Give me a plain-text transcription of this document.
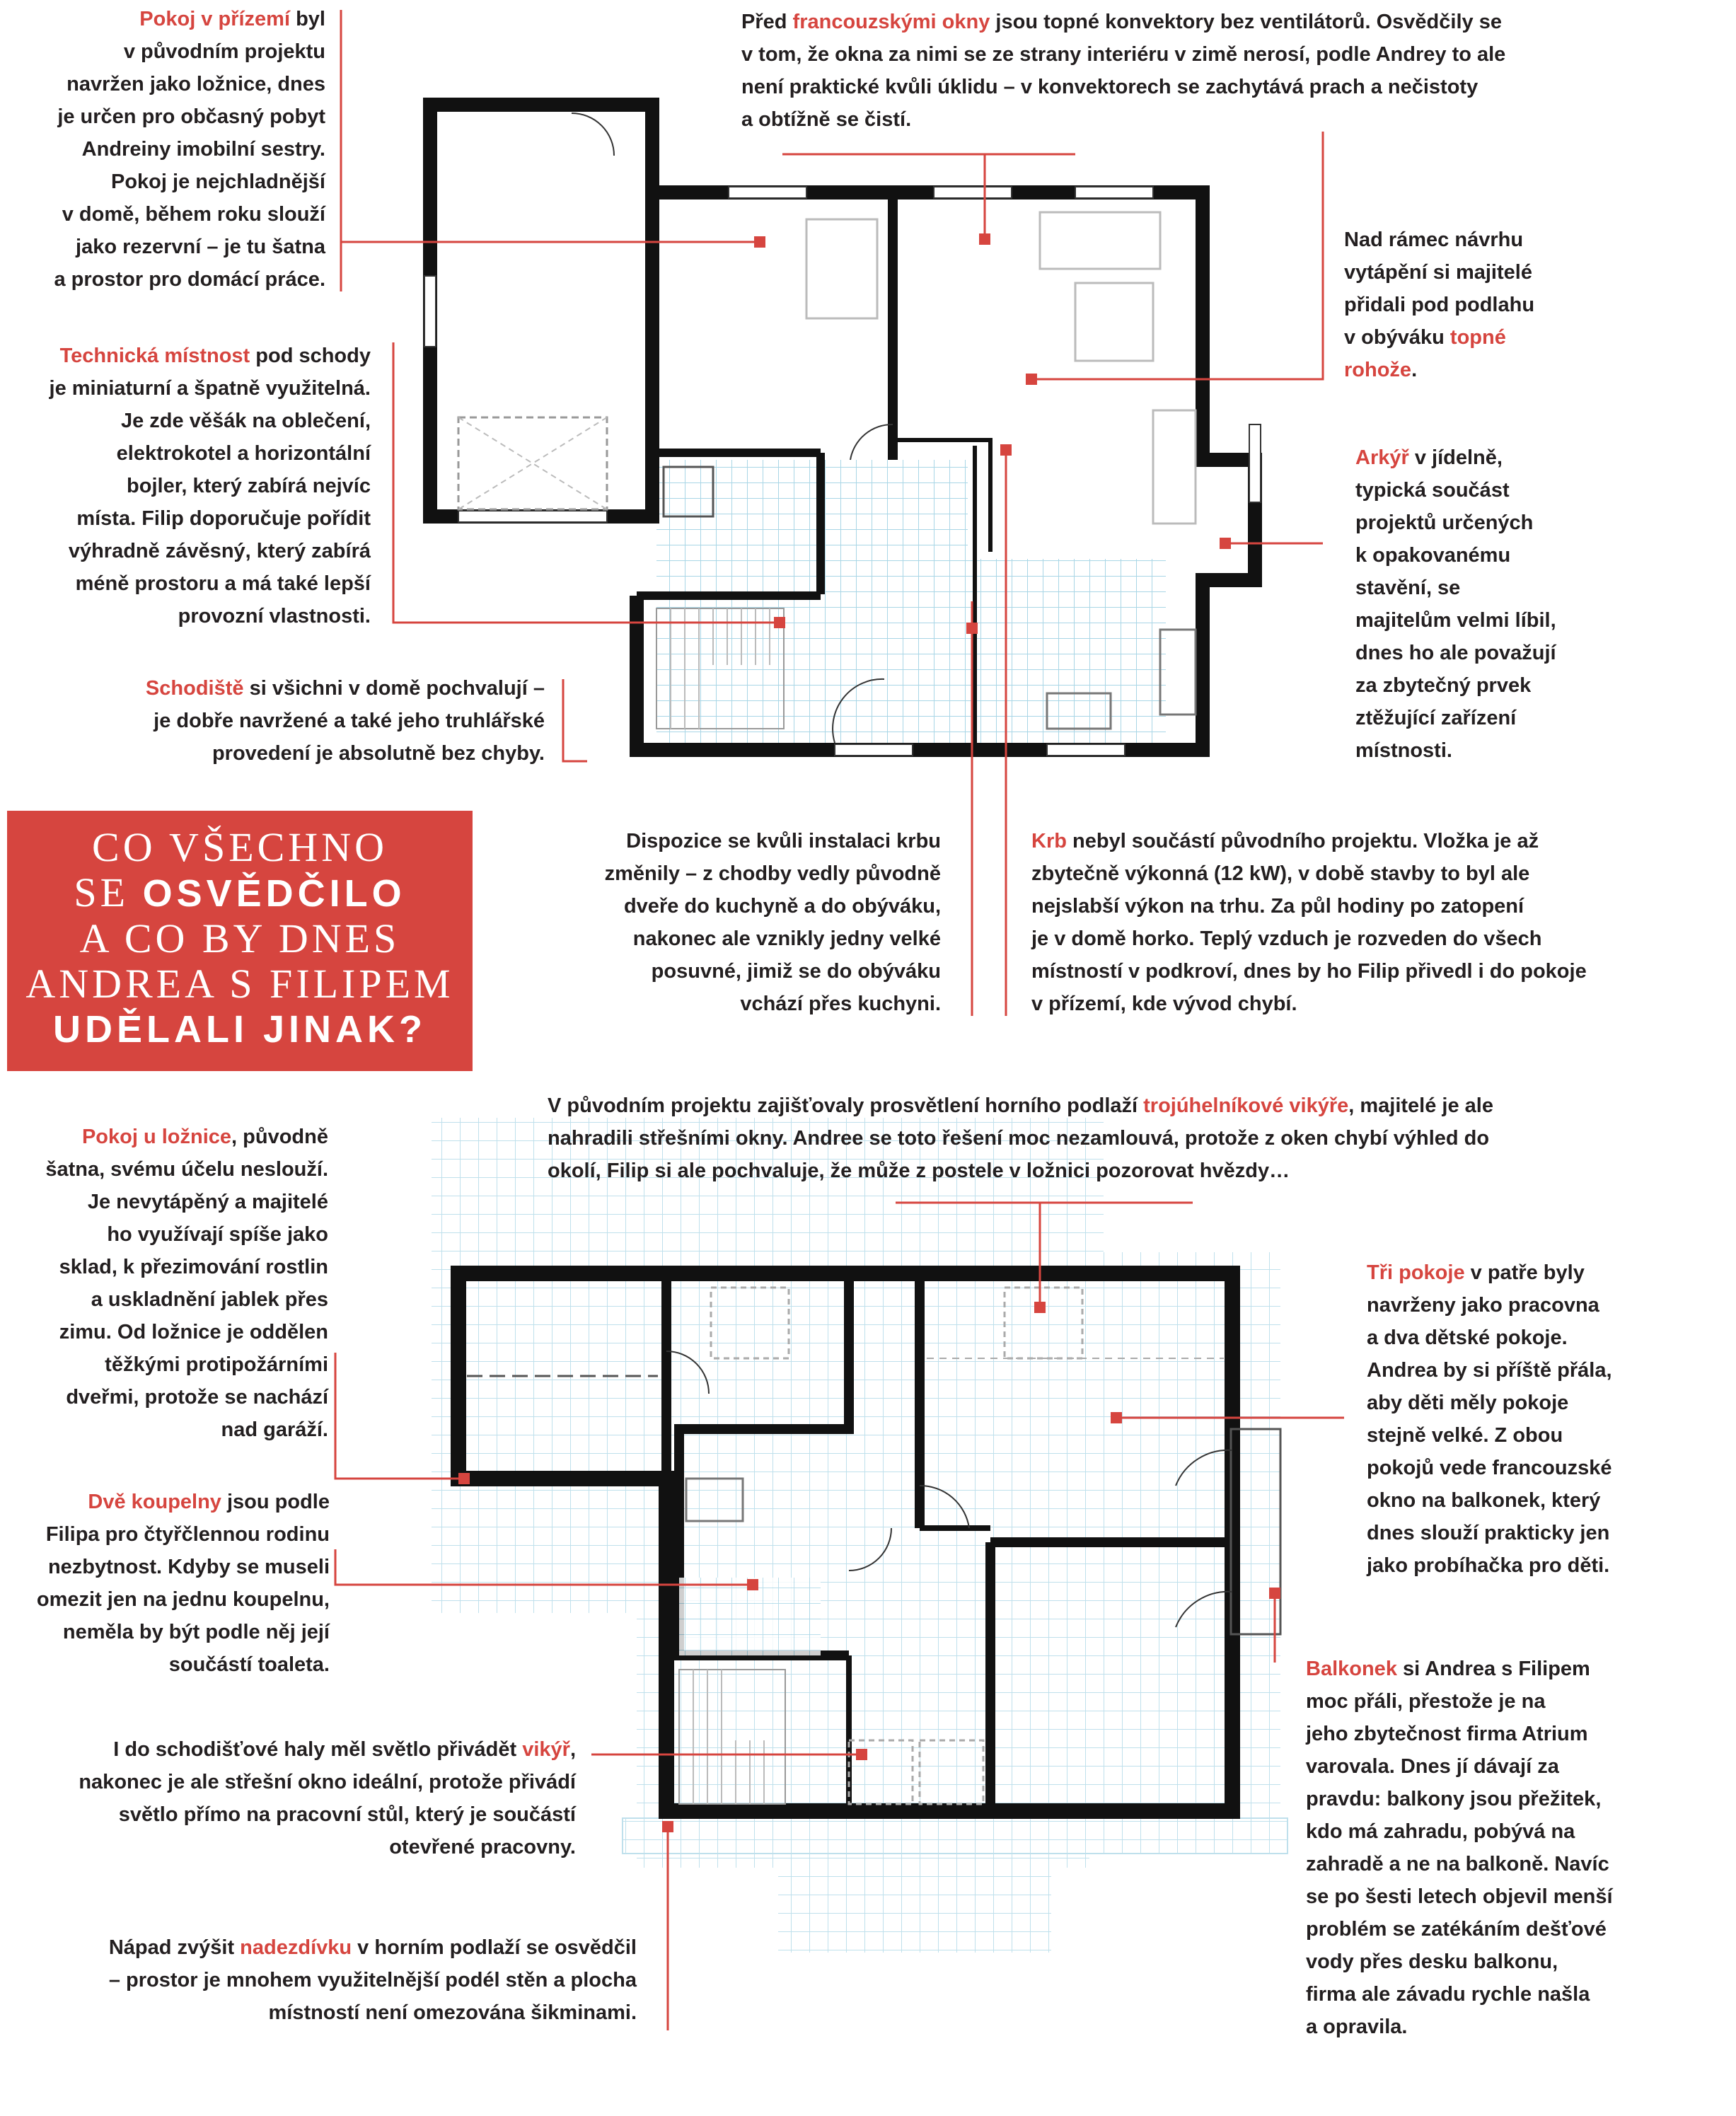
Pokoj v přízemí byl
v původním projektu
navržen jako ložnice, dnes
je určen pro občasný pobyt
Andreiny imobilní sestry.
Pokoj je nejchladnější
v domě, během roku slouží
jako rezervní – je tu šatna
a prostor pro domácí práce.
Technická místnost pod schody
je miniaturní a špatně využitelná.
Je zde věšák na oblečení,
elektrokotel a horizontální
bojler, který zabírá nejvíc
místa. Filip doporučuje pořídit
výhradně závěsný, který zabírá
méně prostoru a má také lepší
provozní vlastnosti.
Schodiště si všichni v domě pochvalují –
je dobře navržené a také jeho truhlářské
provedení je absolutně bez chyby.
Před francouzskými okny jsou topné konvektory bez ventilátorů. Osvědčily se
v tom, že okna za nimi se ze strany interiéru v zimě nerosí, podle Andrey to ale
není praktické kvůli úklidu – v konvektorech se zachytává prach a nečistoty
a obtížně se čistí.
Nad rámec návrhu
vytápění si majitelé
přidali pod podlahu
v obýváku topné
rohože.
Arkýř v jídelně,
typická součást
projektů určených
k opakovanému
stavění, se
majitelům velmi líbil,
dnes ho ale považují
za zbytečný prvek
ztěžující zařízení
místnosti.
CO VŠECHNO
SE OSVĚDČILO
A CO BY DNES
ANDREA S FILIPEM
UDĚLALI JINAK?
Dispozice se kvůli instalaci krbu
změnily – z chodby vedly původně
dveře do kuchyně a do obýváku,
nakonec ale vznikly jedny velké
posuvné, jimiž se do obýváku
vchází přes kuchyni.
Krb nebyl součástí původního projektu. Vložka je až
zbytečně výkonná (12 kW), v době stavby to byl ale
nejslabší výkon na trhu. Za půl hodiny po zatopení
je v domě horko. Teplý vzduch je rozveden do všech
místností v podkroví, dnes by ho Filip přivedl i do pokoje
v přízemí, kde vývod chybí.
V původním projektu zajišťovaly prosvětlení horního podlaží trojúhelníkové vikýře, majitelé je ale
nahradili střešními okny. Andree se toto řešení moc nezamlouvá, protože z oken chybí výhled do
okolí, Filip si ale pochvaluje, že může z postele v ložnici pozorovat hvězdy…
Pokoj u ložnice, původně
šatna, svému účelu neslouží.
Je nevytápěný a majitelé
ho využívají spíše jako
sklad, k přezimování rostlin
a uskladnění jablek přes
zimu. Od ložnice je oddělen
těžkými protipožárními
dveřmi, protože se nachází
nad garáží.
Tři pokoje v patře byly
navrženy jako pracovna
a dva dětské pokoje.
Andrea by si příště přála,
aby děti měly pokoje
stejně velké. Z obou
pokojů vede francouzské
okno na balkonek, který
dnes slouží prakticky jen
jako probíhačka pro děti.
Dvě koupelny jsou podle
Filipa pro čtyřčlennou rodinu
nezbytnost. Kdyby se museli
omezit jen na jednu koupelnu,
neměla by být podle něj její
součástí toaleta.	Balkonek si Andrea s Filipem
moc přáli, přestože je na
jeho zbytečnost firma Atrium
varovala. Dnes jí dávají za
pravdu: balkony jsou přežitek,
kdo má zahradu, pobývá na
zahradě a ne na balkoně. Navíc
se po šesti letech objevil menší
problém se zatékáním dešťové
vody přes desku balkonu,
firma ale závadu rychle našla
a opravila.
I do schodišťové haly měl světlo přivádět vikýř,
nakonec je ale střešní okno ideální, protože přivádí
světlo přímo na pracovní stůl, který je součástí
otevřené pracovny.
Nápad zvýšit nadezdívku v horním podlaží se osvědčil
– prostor je mnohem využitelnější podél stěn a plocha
místností není omezována šikminami.
